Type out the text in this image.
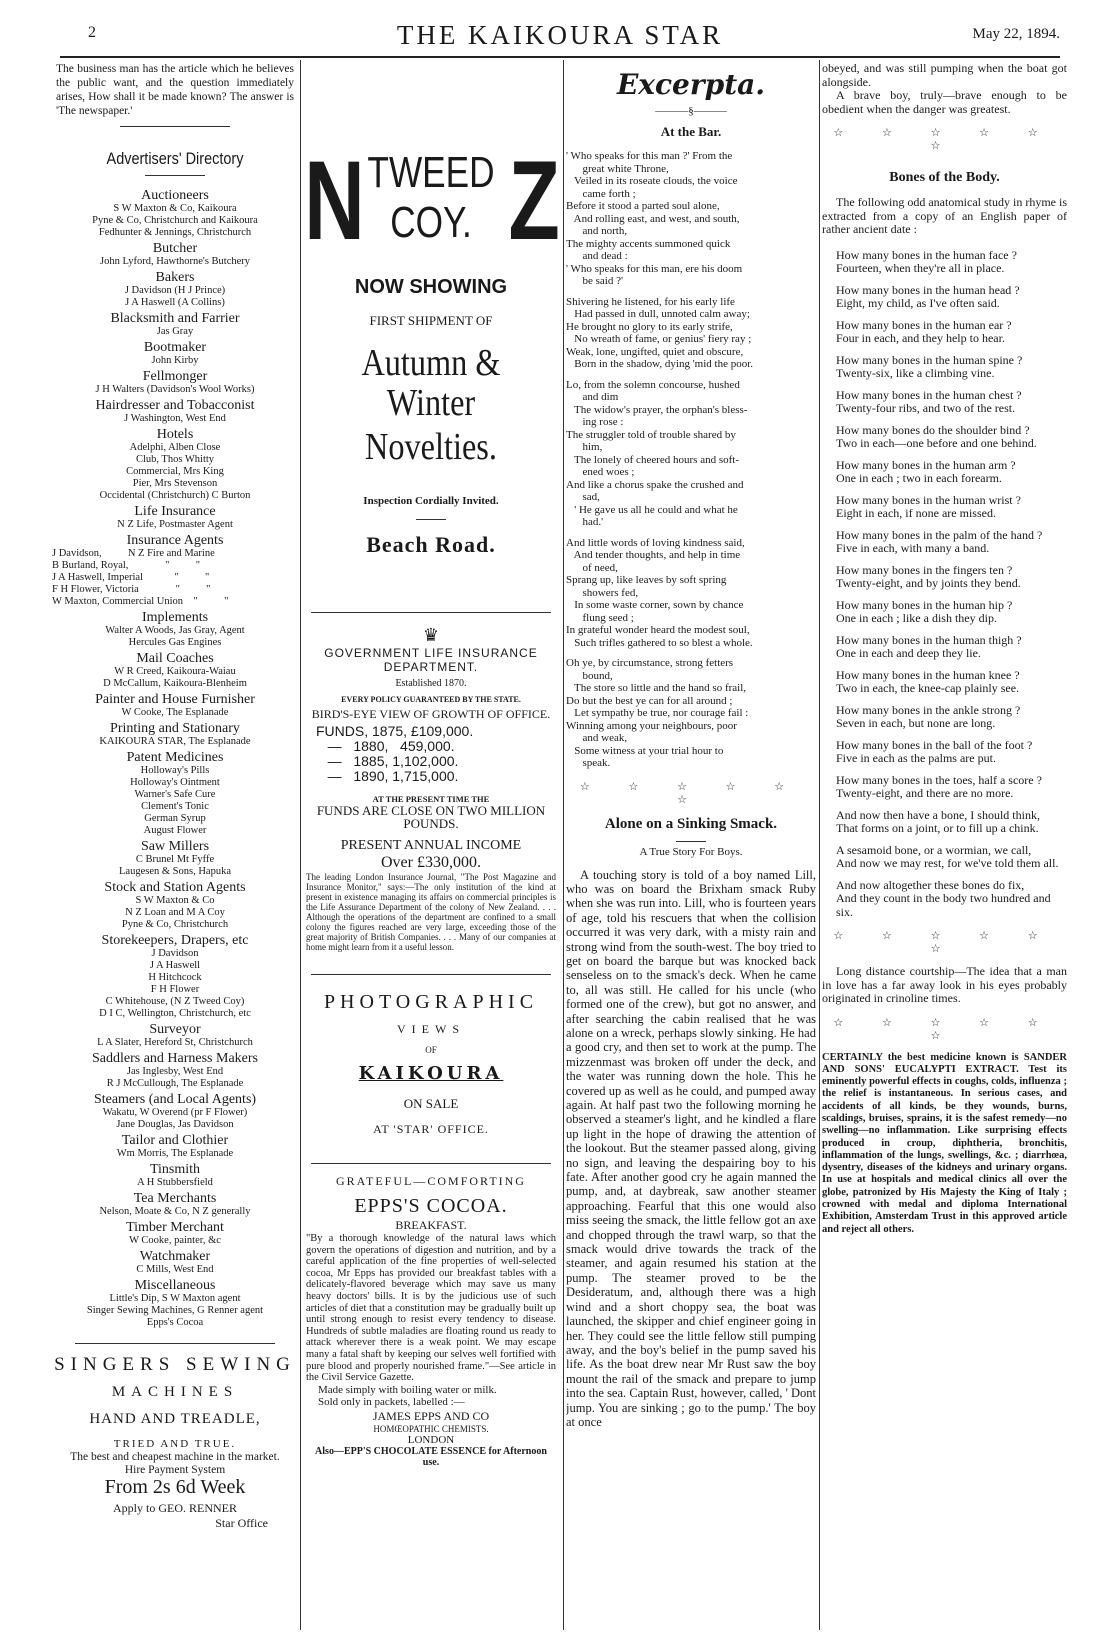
2	THE KAIKOURA STAR	May 22, 1894.

The business man has the article which he believes the public want, and the question immediately arises, How shall it be made known? The answer is 'The newspaper.'

Advertisers' Directory
Auctioneers
S W Maxton & Co, Kaikoura
Pyne & Co, Christchurch and Kaikoura
Fedhunter & Jennings, Christchurch
Butcher
John Lyford, Hawthorne's Butchery
Bakers
J Davidson (H J Prince)
J A Haswell (A Collins)
Blacksmith and Farrier
Jas Gray
Bootmaker
John Kirby
Fellmonger
J H Walters (Davidson's Wool Works)
Hairdresser and Tobacconist
J Washington, West End
Hotels
Adelphi, Alben Close
Club, Thos Whitty
Commercial, Mrs King
Pier, Mrs Stevenson
Occidental (Christchurch) C Burton
Life Insurance
N Z Life, Postmaster Agent
Insurance Agents
J Davidson,          N Z Fire and Marine
B Burland, Royal,              "          "
J A Haswell, Imperial            "          "
F H Flower, Victoria              "          "
W Maxton, Commercial Union    "          "
Implements
Walter A Woods, Jas Gray, Agent
Hercules Gas Engines
Mail Coaches
W R Creed, Kaikoura-Waiau
D McCallum, Kaikoura-Blenheim
Painter and House Furnisher
W Cooke, The Esplanade
Printing and Stationary
KAIKOURA STAR, The Esplanade
Patent Medicines
Holloway's Pills
Holloway's Ointment
Warner's Safe Cure
Clement's Tonic
German Syrup
August Flower
Saw Millers
C Brunel Mt Fyffe
Laugesen & Sons, Hapuka
Stock and Station Agents
S W Maxton & Co
N Z Loan and M A Coy
Pyne & Co, Christchurch
Storekeepers, Drapers, etc
J Davidson
J A Haswell
H Hitchcock
F H Flower
C Whitehouse, (N Z Tweed Coy)
D I C, Wellington, Christchurch, etc
Surveyor
L A Slater, Hereford St, Christchurch
Saddlers and Harness Makers
Jas Inglesby, West End
R J McCullough, The Esplanade
Steamers (and Local Agents)
Wakatu, W Overend (pr F Flower)
Jane Douglas, Jas Davidson
Tailor and Clothier
Wm Morris, The Esplanade
Tinsmith
A H Stubbersfield
Tea Merchants
Nelson, Moate & Co, N Z generally
Timber Merchant
W Cooke, painter, &c
Watchmaker
C Mills, West End
Miscellaneous
Little's Dip, S W Maxton agent
Singer Sewing Machines, G Renner agent
Epps's Cocoa
SINGERS SEWING
MACHINES
HAND AND TREADLE,
TRIED AND TRUE.
The best and cheapest machine in the market.
Hire Payment System
From 2s 6d Week
Apply to GEO. RENNER
Star Office
N Z
TWEED
COY.
NOW SHOWING
FIRST SHIPMENT OF
Autumn & Winter
Novelties.
Inspection Cordially Invited.
Beach Road.
♛
GOVERNMENT LIFE INSURANCE DEPARTMENT.
Established 1870.
EVERY POLICY GUARANTEED BY THE STATE.
BIRD'S-EYE VIEW OF GROWTH OF OFFICE.
FUNDS, 1875, £109,000.
—   1880,   459,000.
—   1885, 1,102,000.
—   1890, 1,715,000.
AT THE PRESENT TIME THE
FUNDS ARE CLOSE ON TWO MILLION POUNDS.
PRESENT ANNUAL INCOME
Over £330,000.

The leading London Insurance Journal, "The Post Magazine and Insurance Monitor," says:—The only institution of the kind at present in existence managing its affairs on commercial principles is the Life Assurance Department of the colony of New Zealand. . . . Although the operations of the department are confined to a small colony the figures reached are very large, exceeding those of the great majority of British Companies. . . . Many of our companies at home might learn from it a useful lesson.

PHOTOGRAPHIC
VIEWS
OF
KAIKOURA
ON SALE
AT 'STAR' OFFICE.
GRATEFUL—COMFORTING
EPPS'S COCOA.
BREAKFAST.

"By a thorough knowledge of the natural laws which govern the operations of digestion and nutrition, and by a careful application of the fine properties of well-selected cocoa, Mr Epps has provided our breakfast tables with a delicately-flavored beverage which may save us many heavy doctors' bills. It is by the judicious use of such articles of diet that a constitution may be gradually built up until strong enough to resist every tendency to disease. Hundreds of subtle maladies are floating round us ready to attack wherever there is a weak point. We may escape many a fatal shaft by keeping our selves well fortified with pure blood and properly nourished frame."—See article in the Civil Service Gazette.

Made simply with boiling water or milk.

Sold only in packets, labelled :—

JAMES EPPS AND CO
HOMŒOPATHIC CHEMISTS.
LONDON
Also—EPP'S CHOCOLATE ESSENCE for Afternoon use.
Excerpta.
———§———
At the Bar.

' Who speaks for this man ?' From the

great white Throne,

Veiled in its roseate clouds, the voice

came forth ;

Before it stood a parted soul alone,

And rolling east, and west, and south,

and north,

The mighty accents summoned quick

and dead :

' Who speaks for this man, ere his doom

be said ?'

Shivering he listened, for his early life

Had passed in dull, unnoted calm away;

He brought no glory to its early strife,

No wreath of fame, or genius' fiery ray ;

Weak, lone, ungifted, quiet and obscure,

Born in the shadow, dying 'mid the poor.

Lo, from the solemn concourse, hushed

and dim

The widow's prayer, the orphan's bless-

ing rose :

The struggler told of trouble shared by

him,

The lonely of cheered hours and soft-

ened woes ;

And like a chorus spake the crushed and

sad,

' He gave us all he could and what he

had.'

And little words of loving kindness said,

And tender thoughts, and help in time

of need,

Sprang up, like leaves by soft spring

showers fed,

In some waste corner, sown by chance

flung seed ;

In grateful wonder heard the modest soul,

Such trifles gathered to so blest a whole.

Oh ye, by circumstance, strong fetters

bound,

The store so little and the hand so frail,

Do but the best ye can for all around ;

Let sympathy be true, nor courage fail :

Winning among your neighbours, poor

and weak,

Some witness at your trial hour to

speak.

☆ ☆ ☆ ☆ ☆ ☆
Alone on a Sinking Smack.
A True Story For Boys.

A touching story is told of a boy named Lill, who was on board the Brixham smack Ruby when she was run into. Lill, who is fourteen years of age, told his rescuers that when the collision occurred it was very dark, with a misty rain and strong wind from the south-west. The boy tried to get on board the barque but was knocked back senseless on to the smack's deck. When he came to, all was still. He called for his uncle (who formed one of the crew), but got no answer, and after searching the cabin realised that he was alone on a wreck, perhaps slowly sinking. He had a good cry, and then set to work at the pump. The mizzenmast was broken off under the deck, and the water was running down the hole. This he covered up as well as he could, and pumped away again. At half past two the following morning he observed a steamer's light, and he kindled a flare up light in the hope of drawing the attention of the lookout. But the steamer passed along, giving no sign, and leaving the despairing boy to his fate. After another good cry he again manned the pump, and, at daybreak, saw another steamer approaching. Fearful that this one would also miss seeing the smack, the little fellow got an axe and chopped through the trawl warp, so that the smack would drive towards the track of the steamer, and again resumed his station at the pump. The steamer proved to be the Desideratum, and, although there was a high wind and a short choppy sea, the boat was launched, the skipper and chief engineer going in her. They could see the little fellow still pumping away, and the boy's belief in the pump saved his life. As the boat drew near Mr Rust saw the boy mount the rail of the smack and prepare to jump into the sea. Captain Rust, however, called, ' Dont jump. You are sinking ; go to the pump.' The boy at once

obeyed, and was still pumping when the boat got alongside.

A brave boy, truly—brave enough to be obedient when the danger was greatest.

☆ ☆ ☆ ☆ ☆ ☆
Bones of the Body.

The following odd anatomical study in rhyme is extracted from a copy of an English paper of rather ancient date :

How many bones in the human face ?
Fourteen, when they're all in place.
How many bones in the human head ?
Eight, my child, as I've often said.
How many bones in the human ear ?
Four in each, and they help to hear.
How many bones in the human spine ?
Twenty-six, like a climbing vine.
How many bones in the human chest ?
Twenty-four ribs, and two of the rest.
How many bones do the shoulder bind ?
Two in each—one before and one behind.
How many bones in the human arm ?
One in each ; two in each forearm.
How many bones in the human wrist ?
Eight in each, if none are missed.
How many bones in the palm of the hand ?
Five in each, with many a band.
How many bones in the fingers ten ?
Twenty-eight, and by joints they bend.
How many bones in the human hip ?
One in each ; like a dish they dip.
How many bones in the human thigh ?
One in each and deep they lie.
How many bones in the human knee ?
Two in each, the knee-cap plainly see.
How many bones in the ankle strong ?
Seven in each, but none are long.
How many bones in the ball of the foot ?
Five in each as the palms are put.
How many bones in the toes, half a score ?
Twenty-eight, and there are no more.
And now then have a bone, I should think,
That forms on a joint, or to fill up a chink.
A sesamoid bone, or a wormian, we call,
And now we may rest, for we've told them all.
And now altogether these bones do fix,
And they count in the body two hundred and six.
☆ ☆ ☆ ☆ ☆ ☆

Long distance courtship—The idea that a man in love has a far away look in his eyes probably originated in crinoline times.

☆ ☆ ☆ ☆ ☆ ☆

CERTAINLY the best medicine known is SANDER AND SONS' EUCALYPTI EXTRACT. Test its eminently powerful effects in coughs, colds, influenza ; the relief is instantaneous. In serious cases, and accidents of all kinds, be they wounds, burns, scaldings, bruises, sprains, it is the safest remedy—no swelling—no inflammation. Like surprising effects produced in croup, diphtheria, bronchitis, inflammation of the lungs, swellings, &c. ; diarrhœa, dysentry, diseases of the kidneys and urinary organs. In use at hospitals and medical clinics all over the globe, patronized by His Majesty the King of Italy ; crowned with medal and diploma International Exhibition, Amsterdam Trust in this approved article and reject all others.
